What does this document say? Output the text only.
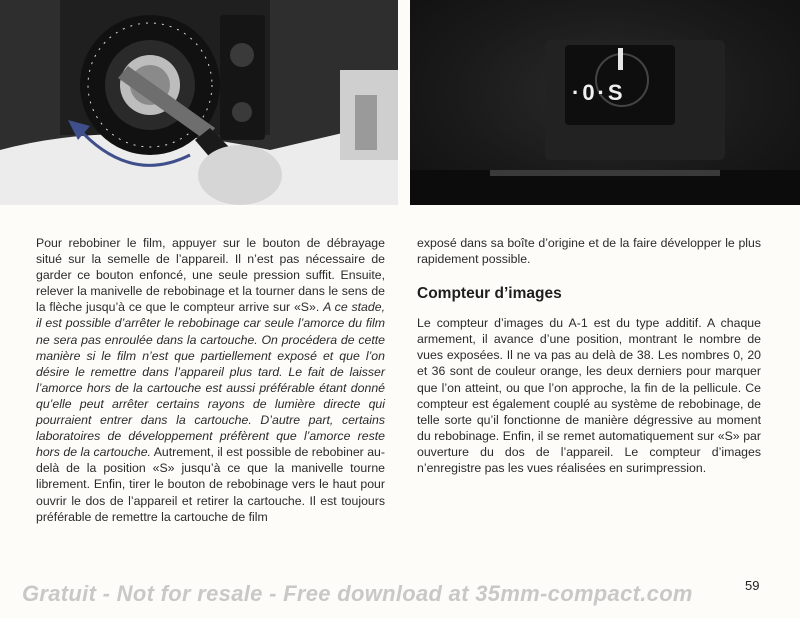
·0·S

Pour rebobiner le film, appuyer sur le bouton de débrayage situé sur la semelle de l’appareil. Il n’est pas nécessaire de garder ce bouton enfoncé, une seule pression suffit. Ensuite, relever la manivelle de rebobinage et la tourner dans le sens de la flèche jusqu’à ce que le compteur arrive sur «S». A ce stade, il est possible d’arrêter le rebobinage car seule l’amorce du film ne sera pas enroulée dans la cartouche. On procédera de cette manière si le film n’est que partiellement exposé et que l’on désire le remettre dans l’appareil plus tard. Le fait de laisser l’amorce hors de la cartouche est aussi préférable étant donné qu’elle peut arrêter certains rayons de lumière directe qui pourraient entrer dans la cartouche. D’autre part, certains laboratoires de développement préfèrent que l’amorce reste hors de la cartouche. Autrement, il est possible de rebobiner au-delà de la position «S» jusqu’à ce que la manivelle tourne librement. Enfin, tirer le bouton de rebobinage vers le haut pour ouvrir le dos de l’appareil et retirer la cartouche. Il est toujours préférable de remettre la cartouche de film

exposé dans sa boîte d’origine et de la faire développer le plus rapidement possible.

Compteur d’images

Le compteur d’images du A-1 est du type additif. A chaque armement, il avance d’une position, montrant le nombre de vues exposées. Il ne va pas au delà de 38. Les nombres 0, 20 et 36 sont de couleur orange, les deux derniers pour marquer que l’on atteint, ou que l’on approche, la fin de la pellicule. Ce compteur est également couplé au système de rebobinage, de telle sorte qu’il fonctionne de manière dégressive au moment du rebobinage. Enfin, il se remet automatiquement sur «S» par ouverture du dos de l’appareil. Le compteur d’images n’enregistre pas les vues réalisées en surimpression.

59
Gratuit - Not for resale - Free download at 35mm-compact.com
